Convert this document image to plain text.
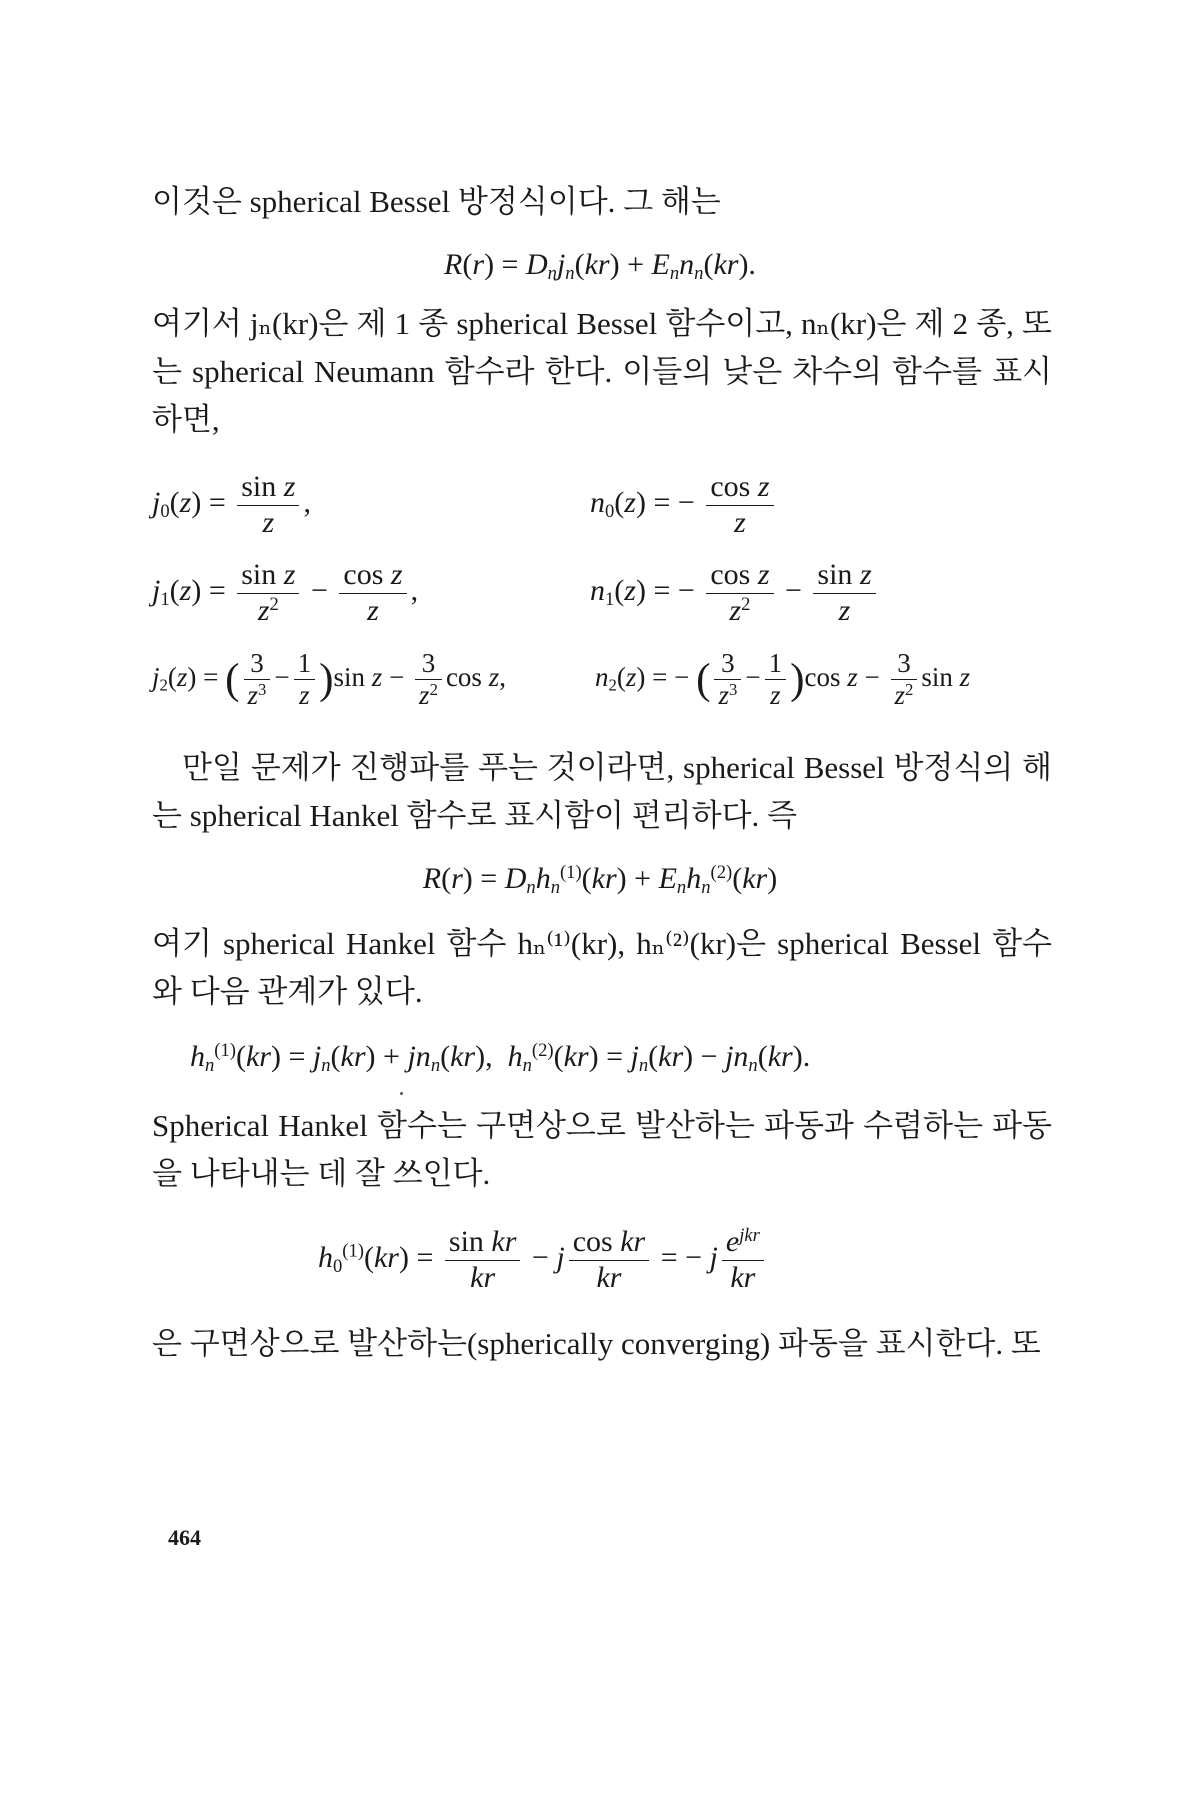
이것은 spherical Bessel 방정식이다. 그 해는

$R(r) = D_nj_n(kr) + E_nn_n(kr)$.

여기서 jₙ(kr)은 제 1 종 spherical Bessel 함수이고, nₙ(kr)은 제 2 종, 또는 spherical Neumann 함수라 한다. 이들의 낮은 차수의 함수를 표시하면,

$j_0(z) = \frac{\text{sin z}}{z}$ ,	$n_0(z)$ = − $\frac{\text{cos z}}{z}$
$j_1(z) = \frac{\text{sin z}}{z^2} - \frac{\text{cos z}}{z}$ ,	$n_1(z)$ = − $\frac{\text{cos z}}{z^2} - \frac{\text{sin z}}{z}$
$j_2(z)$ = ( $\frac{3}{z^3} - \frac{1}{z} )\sin$ $z - \frac{3}{z^2}$ cos z,	$n_2(z)$ = − ( $\frac{3}{z^3} - \frac{1}{z} )\cos$ $z - \frac{3}{z^2}$ sin z

만일 문제가 진행파를 푸는 것이라면, spherical Bessel 방정식의 해는 spherical Hankel 함수로 표시함이 편리하다. 즉

$R(r) = D_nh_n^{(1)}(kr) + E_nh_n^{(2)}(kr)$

여기 spherical Hankel 함수 hₙ⁽¹⁾(kr), hₙ⁽²⁾(kr)은 spherical Bessel 함수와 다음 관계가 있다.

$h_n^{(1)}(kr) = j_n(kr) + jn_n(kr)$,  $h_n^{(2)}(kr) = j_n(kr) - jn_n(kr)$.

Spherical Hankel 함수는 구면상으로 발산하는 파동과 수렴하는 파동을 나타내는 데 잘 쓰인다.

$h_0^{(1)}(kr) = \frac{\text{sin kr}}{kr} - j \frac{\text{cos kr}}{kr}$ = − j $\frac{e^{jkr}}{kr}$

은 구면상으로 발산하는(spherically converging) 파동을 표시한다. 또

464
